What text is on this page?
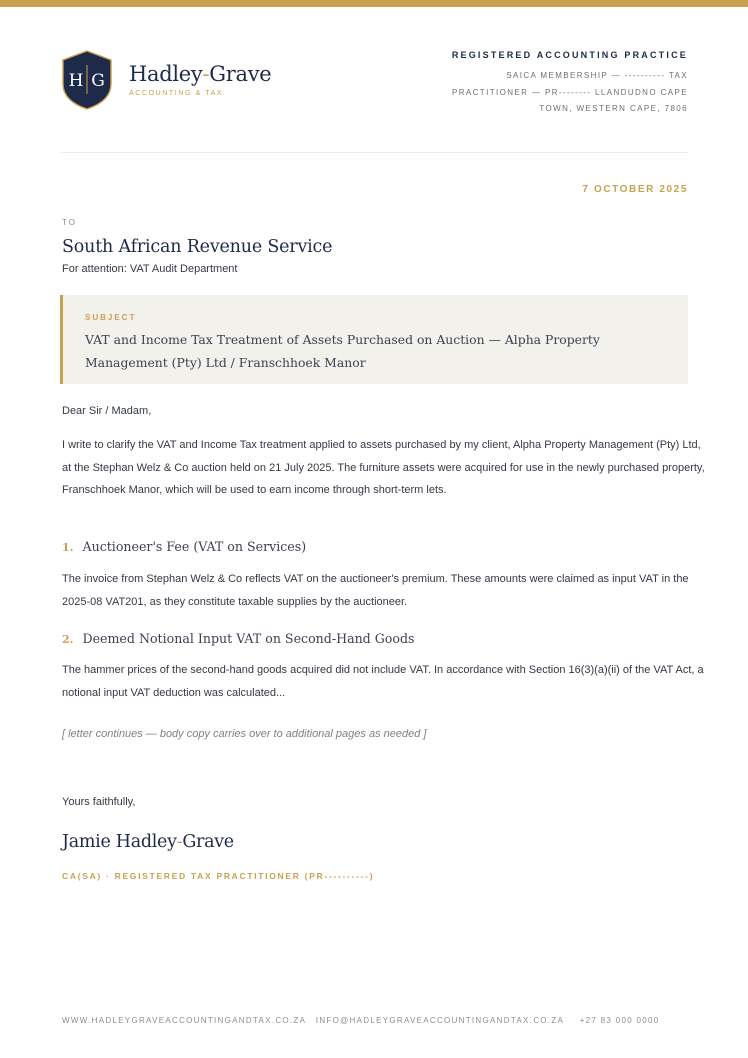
H G Hadley-Grave
ACCOUNTING & TAX
REGISTERED ACCOUNTING PRACTICE
SAICA MEMBERSHIP — ---------- TAX PRACTITIONER — PR-------- LLANDUDNO CAPE TOWN, WESTERN CAPE, 7806
7 OCTOBER 2025
TO
South African Revenue Service
For attention: VAT Audit Department
SUBJECT
VAT and Income Tax Treatment of Assets Purchased on Auction — Alpha Property Management (Pty) Ltd / Franschhoek Manor
Dear Sir / Madam,
I write to clarify the VAT and Income Tax treatment applied to assets purchased by my client, Alpha Property Management (Pty) Ltd, at the Stephan Welz & Co auction held on 21 July 2025. The furniture assets were acquired for use in the newly purchased property, Franschhoek Manor, which will be used to earn income through short-term lets.
1. Auctioneer's Fee (VAT on Services)
The invoice from Stephan Welz & Co reflects VAT on the auctioneer's premium. These amounts were claimed as input VAT in the 2025-08 VAT201, as they constitute taxable supplies by the auctioneer.
2. Deemed Notional Input VAT on Second-Hand Goods
The hammer prices of the second-hand goods acquired did not include VAT. In accordance with Section 16(3)(a)(ii) of the VAT Act, a notional input VAT deduction was calculated...
[ letter continues — body copy carries over to additional pages as needed ]
Yours faithfully,
Jamie Hadley-Grave
CA(SA) · REGISTERED TAX PRACTITIONER (PR----------)
WWW.HADLEYGRAVEACCOUNTINGANDTAX.CO.ZA INFO@HADLEYGRAVEACCOUNTINGANDTAX.CO.ZA +27 83 000 0000
